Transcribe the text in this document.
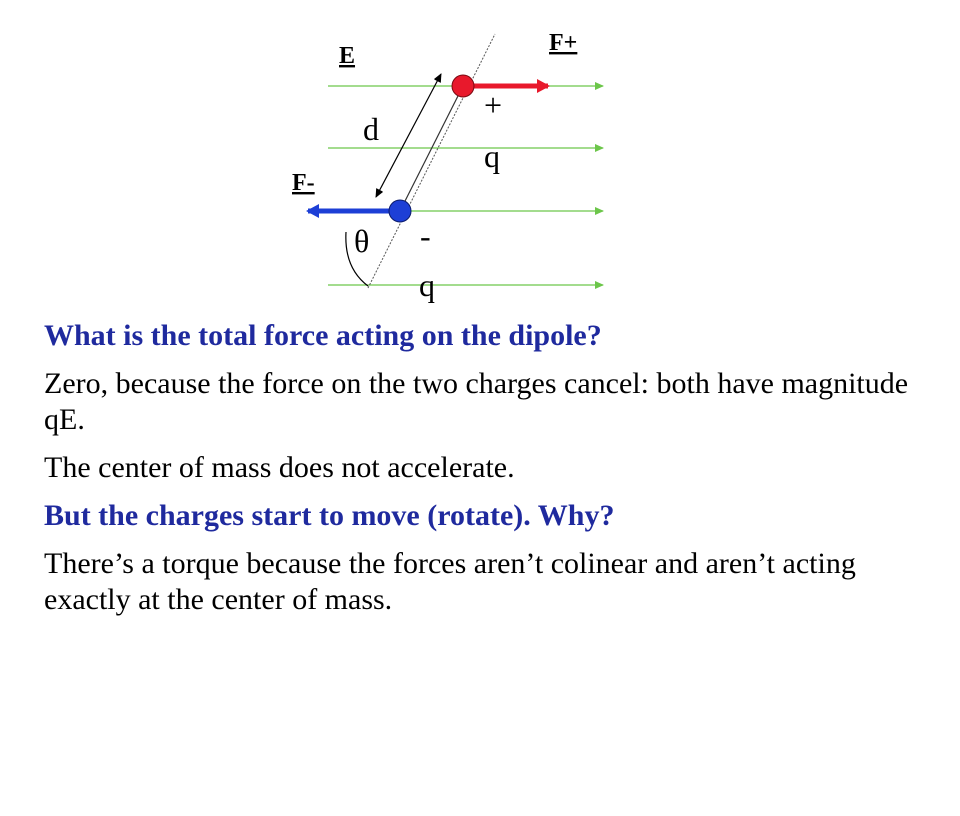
E	F+
F-
d
θ
+
q
-
q

What is the total force acting on the dipole?

Zero, because the force on the two charges cancel: both have magnitude qE.

The center of mass does not accelerate.

But the charges start to move (rotate). Why?

There’s a torque because the forces aren’t colinear and aren’t acting exactly at the center of mass.
